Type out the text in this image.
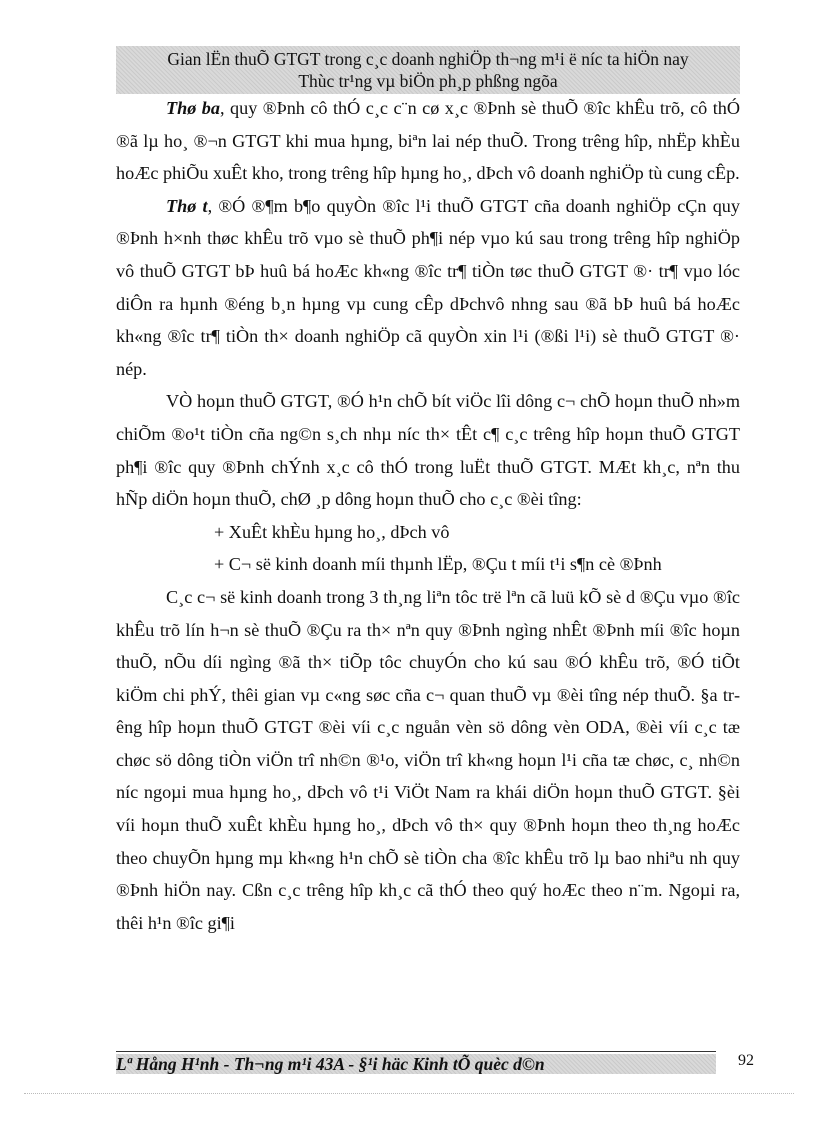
Gian lËn thuÕ GTGT trong c¸c doanh nghiÖp th¬ng m¹i ë níc ta hiÖn nay
Thùc tr¹ng vµ biÖn ph¸p phßng ngõa

Thø ba, quy ®Þnh cô thÓ c¸c c¨n cø x¸c ®Þnh sè thuÕ ®îc khÊu trõ, cô thÓ ®ã lµ ho¸ ®¬n GTGT khi mua hµng, biªn lai nép thuÕ. Trong trêng hîp, nhËp khÈu hoÆc phiÕu xuÊt kho, trong trêng hîp hµng ho¸, dÞch vô doanh nghiÖp tù cung cÊp.

Thø t, ®Ó ®¶m b¶o quyÒn ®îc l¹i thuÕ GTGT cña doanh nghiÖp cÇn quy ®Þnh h×nh thøc khÊu trõ vµo sè thuÕ ph¶i nép vµo kú sau trong trêng hîp nghiÖp vô thuÕ GTGT bÞ huû bá hoÆc kh«ng ®îc tr¶ tiÒn tøc thuÕ GTGT ®· tr¶ vµo lóc diÔn ra hµnh ®éng b¸n hµng vµ cung cÊp dÞchvô nhng sau ®ã bÞ huû bá hoÆc kh«ng ®îc tr¶ tiÒn th× doanh nghiÖp cã quyÒn xin l¹i (®ßi l¹i) sè thuÕ GTGT ®· nép.

VÒ hoµn thuÕ GTGT, ®Ó h¹n chÕ bít viÖc lîi dông c¬ chÕ hoµn thuÕ nh»m chiÕm ®o¹t tiÒn cña ng©n s¸ch nhµ níc th× tÊt c¶ c¸c trêng hîp hoµn thuÕ GTGT ph¶i ®îc quy ®Þnh chÝnh x¸c cô thÓ trong luËt thuÕ GTGT. MÆt kh¸c, nªn thu hÑp diÖn hoµn thuÕ, chØ ¸p dông hoµn thuÕ cho c¸c ®èi tîng:

+ XuÊt khÈu hµng ho¸, dÞch vô

+ C¬ së kinh doanh míi thµnh lËp, ®Çu t míi t¹i s¶n cè ®Þnh

C¸c c¬ së kinh doanh trong 3 th¸ng liªn tôc trë lªn cã luü kÕ sè d ®Çu vµo ®îc khÊu trõ lín h¬n sè thuÕ ®Çu ra th× nªn quy ®Þnh ngìng nhÊt ®Þnh míi ®îc hoµn thuÕ, nÕu díi ngìng ®ã th× tiÕp tôc chuyÓn cho kú sau ®Ó khÊu trõ, ®Ó tiÕt kiÖm chi phÝ, thêi gian vµ c«ng søc cña c¬ quan thuÕ vµ ®èi tîng nép thuÕ. §a trêng hîp hoµn thuÕ GTGT ®èi víi c¸c nguån vèn sö dông vèn ODA, ®èi víi c¸c tæ chøc sö dông tiÒn viÖn trî nh©n ®¹o, viÖn trî kh«ng hoµn l¹i cña tæ chøc, c¸ nh©n níc ngoµi mua hµng ho¸, dÞch vô t¹i ViÖt Nam ra khái diÖn hoµn thuÕ GTGT. §èi víi hoµn thuÕ xuÊt khÈu hµng ho¸, dÞch vô th× quy ®Þnh hoµn theo th¸ng hoÆc theo chuyÕn hµng mµ kh«ng h¹n chÕ sè tiÒn cha ®îc khÊu trõ lµ bao nhiªu nh quy ®Þnh hiÖn nay. Cßn c¸c trêng hîp kh¸c cã thÓ theo quý hoÆc theo n¨m. Ngoµi ra, thêi h¹n ®îc gi¶i

Lª Hång H¹nh - Th¬ng m¹i 43A - §¹i häc Kinh tÕ quèc d©n	92
